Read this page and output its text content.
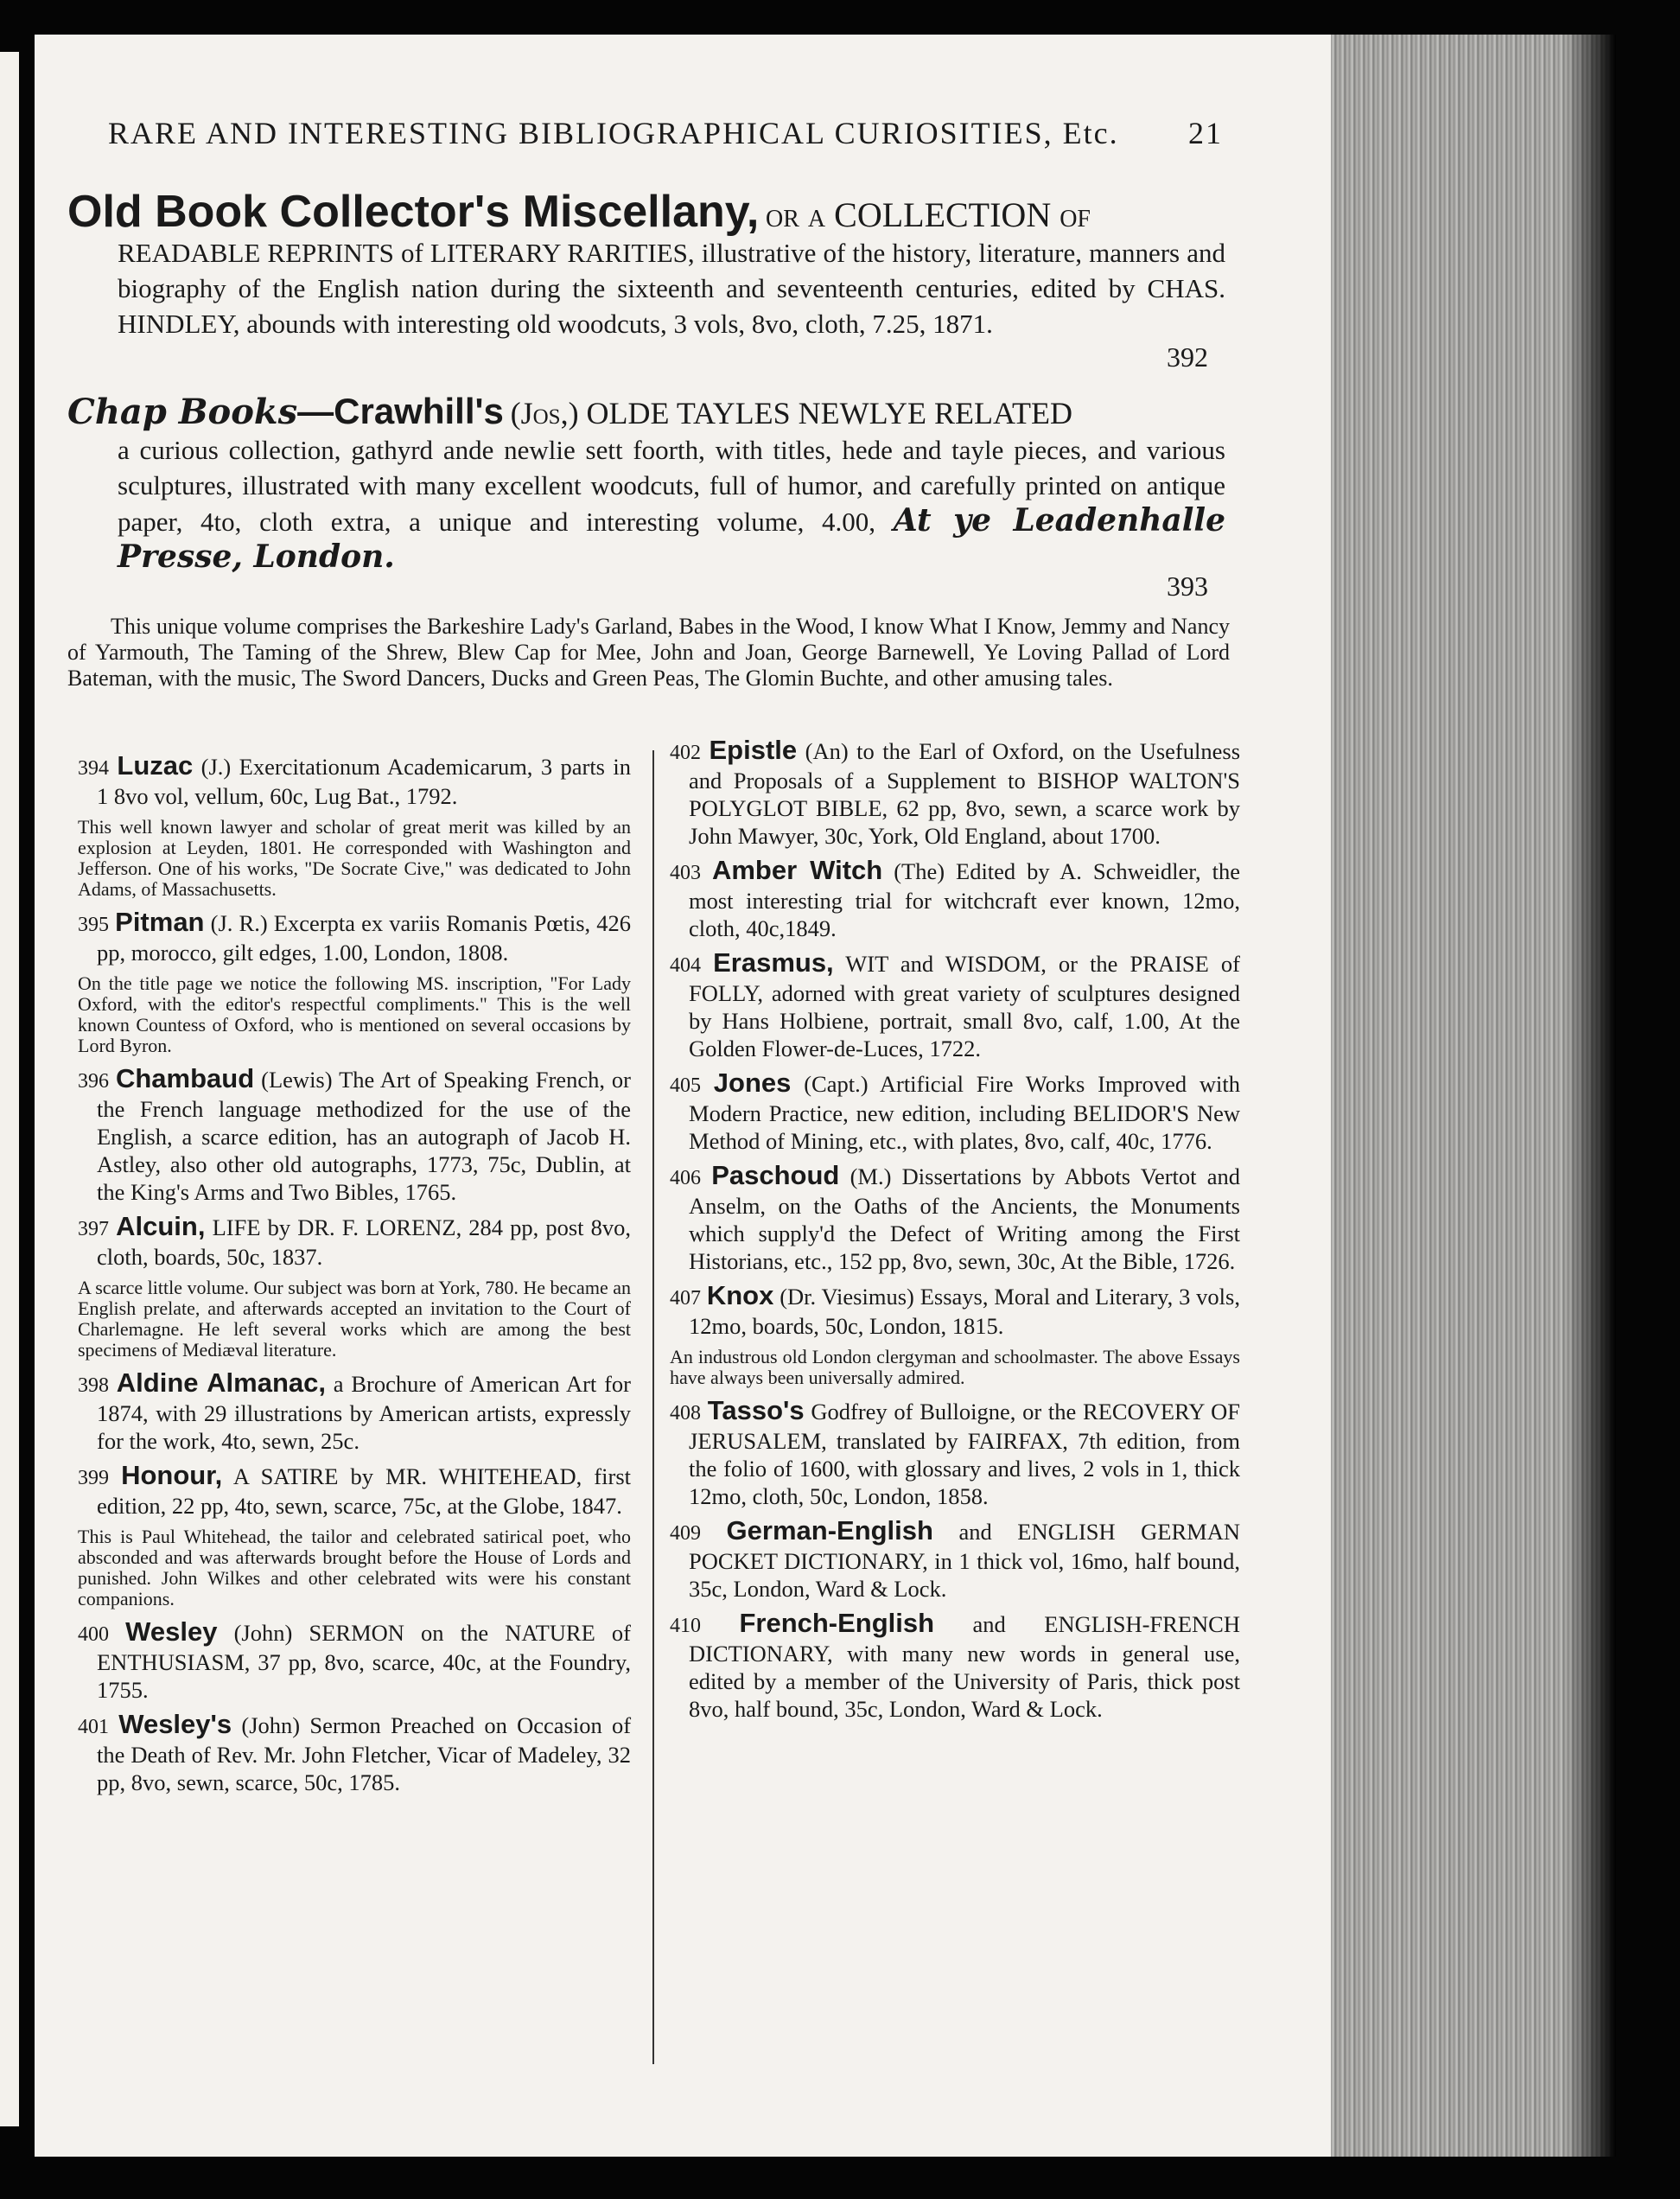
RARE AND INTERESTING BIBLIOGRAPHICAL CURIOSITIES, Etc. 21
Old Book Collector's Miscellany, or a COLLECTION of
READABLE REPRINTS of LITERARY RARITIES, illustrative of the history, literature, manners and biography of the English nation during the sixteenth and seventeenth centuries, edited by CHAS. HINDLEY, abounds with interesting old woodcuts, 3 vols, 8vo, cloth, 7.25, 1871.
392
Chap Books—Crawhill's (Jos,) OLDE TAYLES NEWLYE RELATED
a curious collection, gathyrd ande newlie sett foorth, with titles, hede and tayle pieces, and various sculptures, illustrated with many excellent woodcuts, full of humor, and carefully printed on antique paper, 4to, cloth extra, a unique and interesting volume, 4.00, At ye Leadenhalle Presse, London.
393
This unique volume comprises the Barkeshire Lady's Garland, Babes in the Wood, I know What I Know, Jemmy and Nancy of Yarmouth, The Taming of the Shrew, Blew Cap for Mee, John and Joan, George Barnewell, Ye Loving Pallad of Lord Bateman, with the music, The Sword Dancers, Ducks and Green Peas, The Glomin Buchte, and other amusing tales.
394 Luzac (J.) Exercitationum Academicarum, 3 parts in 1 8vo vol, vellum, 60c, Lug Bat., 1792.
This well known lawyer and scholar of great merit was killed by an explosion at Leyden, 1801. He corresponded with Washington and Jefferson. One of his works, "De Socrate Cive," was dedicated to John Adams, of Massachusetts.
395 Pitman (J. R.) Excerpta ex variis Romanis Pœtis, 426 pp, morocco, gilt edges, 1.00, London, 1808.
On the title page we notice the following MS. inscription, "For Lady Oxford, with the editor's respectful compliments." This is the well known Countess of Oxford, who is mentioned on several occasions by Lord Byron.
396 Chambaud (Lewis) The Art of Speaking French, or the French language methodized for the use of the English, a scarce edition, has an autograph of Jacob H. Astley, also other old autographs, 1773, 75c, Dublin, at the King's Arms and Two Bibles, 1765.
397 Alcuin, LIFE by DR. F. LORENZ, 284 pp, post 8vo, cloth, boards, 50c, 1837.
A scarce little volume. Our subject was born at York, 780. He became an English prelate, and afterwards accepted an invitation to the Court of Charlemagne. He left several works which are among the best specimens of Mediæval literature.
398 Aldine Almanac, a Brochure of American Art for 1874, with 29 illustrations by American artists, expressly for the work, 4to, sewn, 25c.
399 Honour, A SATIRE by MR. WHITEHEAD, first edition, 22 pp, 4to, sewn, scarce, 75c, at the Globe, 1847.
This is Paul Whitehead, the tailor and celebrated satirical poet, who absconded and was afterwards brought before the House of Lords and punished. John Wilkes and other celebrated wits were his constant companions.
400 Wesley (John) SERMON on the NATURE of ENTHUSIASM, 37 pp, 8vo, scarce, 40c, at the Foundry, 1755.
401 Wesley's (John) Sermon Preached on Occasion of the Death of Rev. Mr. John Fletcher, Vicar of Madeley, 32 pp, 8vo, sewn, scarce, 50c, 1785.
402 Epistle (An) to the Earl of Oxford, on the Usefulness and Proposals of a Supplement to BISHOP WALTON'S POLYGLOT BIBLE, 62 pp, 8vo, sewn, a scarce work by John Mawyer, 30c, York, Old England, about 1700.
403 Amber Witch (The) Edited by A. Schweidler, the most interesting trial for witchcraft ever known, 12mo, cloth, 40c,1849.
404 Erasmus, WIT and WISDOM, or the PRAISE of FOLLY, adorned with great variety of sculptures designed by Hans Holbiene, portrait, small 8vo, calf, 1.00, At the Golden Flower-de-Luces, 1722.
405 Jones (Capt.) Artificial Fire Works Improved with Modern Practice, new edition, including BELIDOR'S New Method of Mining, etc., with plates, 8vo, calf, 40c, 1776.
406 Paschoud (M.) Dissertations by Abbots Vertot and Anselm, on the Oaths of the Ancients, the Monuments which supply'd the Defect of Writing among the First Historians, etc., 152 pp, 8vo, sewn, 30c, At the Bible, 1726.
407 Knox (Dr. Viesimus) Essays, Moral and Literary, 3 vols, 12mo, boards, 50c, London, 1815.
An industrous old London clergyman and schoolmaster. The above Essays have always been universally admired.
408 Tasso's Godfrey of Bulloigne, or the RECOVERY OF JERUSALEM, translated by FAIRFAX, 7th edition, from the folio of 1600, with glossary and lives, 2 vols in 1, thick 12mo, cloth, 50c, London, 1858.
409 German-English and ENGLISH GERMAN POCKET DICTIONARY, in 1 thick vol, 16mo, half bound, 35c, London, Ward & Lock.
410 French-English and ENGLISH-FRENCH DICTIONARY, with many new words in general use, edited by a member of the University of Paris, thick post 8vo, half bound, 35c, London, Ward & Lock.
